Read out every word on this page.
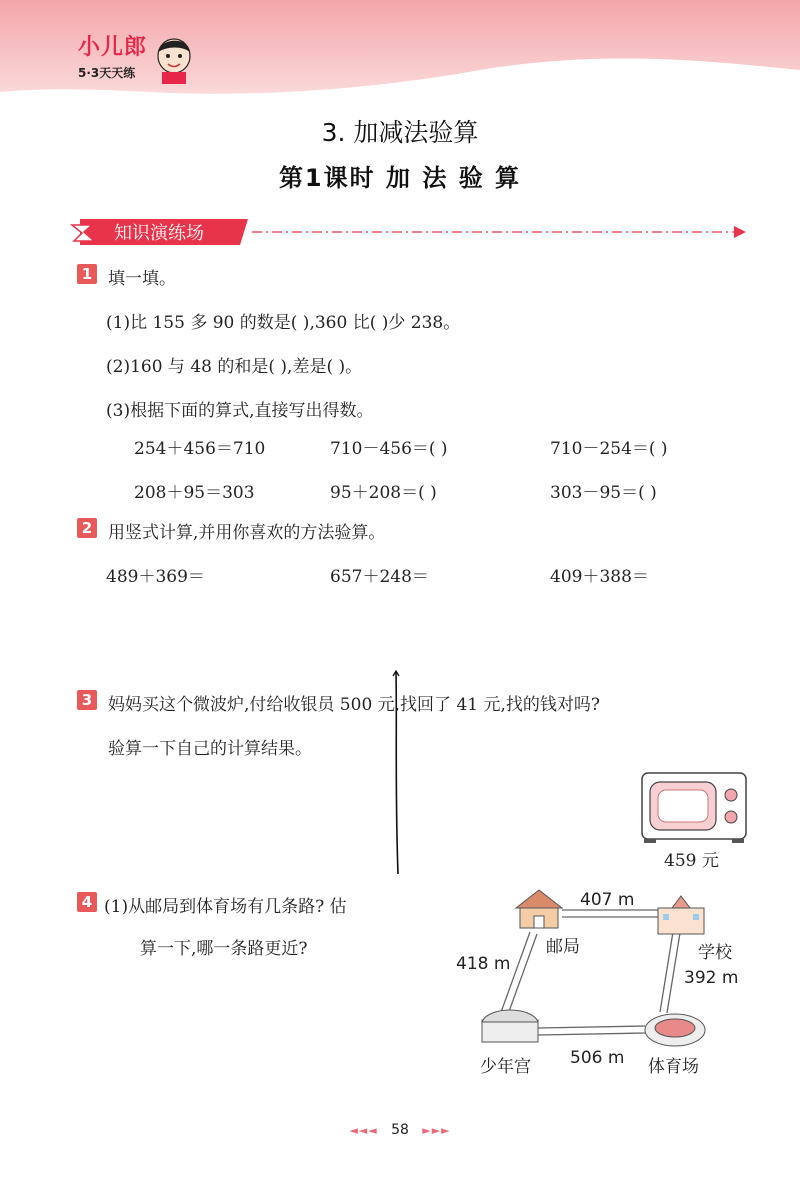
小儿郎
5·3天天练
3. 加减法验算
第1课时 加 法 验 算
知识演练场
1 填一填。
(1)比 155 多 90 的数是( ),360 比( )少 238。
(2)160 与 48 的和是( ),差是( )。
(3)根据下面的算式,直接写出得数。
254＋456＝710	710－456＝( )	710－254＝( )
208＋95＝303	95＋208＝( )	303－95＝( )
2 用竖式计算,并用你喜欢的方法验算。
489＋369＝	657＋248＝	409＋388＝
3 妈妈买这个微波炉,付给收银员 500 元,找回了 41 元,找的钱对吗?
验算一下自己的计算结果。
459 元
4 (1)从邮局到体育场有几条路? 估
算一下,哪一条路更近?
407 m
418 m
392 m
506 m
邮局	学校
少年宫	体育场
◄◄◄ 58 ►►►
